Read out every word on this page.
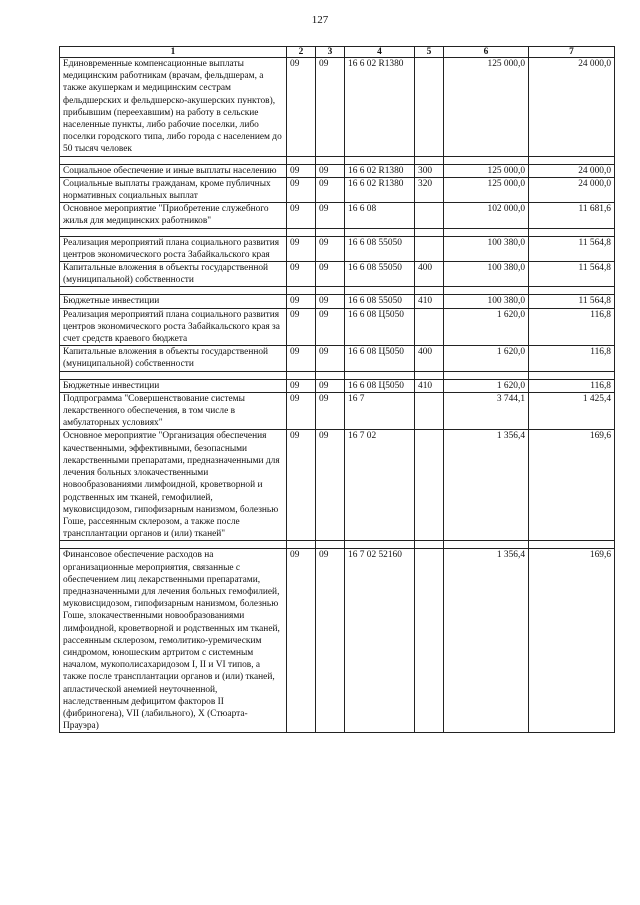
127
1	2	3	4	5	6	7
Единовременные компенсационные выплаты медицинским работникам (врачам, фельдшерам, а также акушеркам и медицинским сестрам фельдшерских и фельдшерско-акушерских пунктов), прибывшим (переехавшим) на работу в сельские населенные пункты, либо рабочие поселки, либо поселки городского типа, либо города с населением до 50 тысяч человек	09	09	16 6 02 R1380		125 000,0	24 000,0

Социальное обеспечение и иные выплаты населению	09	09	16 6 02 R1380	300	125 000,0	24 000,0
Социальные выплаты гражданам, кроме публичных нормативных социальных выплат	09	09	16 6 02 R1380	320	125 000,0	24 000,0
Основное мероприятие "Приобретение служебного жилья для медицинских работников"	09	09	16 6 08		102 000,0	11 681,6

Реализация мероприятий плана социального развития центров экономического роста Забайкальского края	09	09	16 6 08 55050		100 380,0	11 564,8
Капитальные вложения в объекты государственной (муниципальной) собственности	09	09	16 6 08 55050	400	100 380,0	11 564,8

Бюджетные инвестиции	09	09	16 6 08 55050	410	100 380,0	11 564,8
Реализация мероприятий плана социального развития центров экономического роста Забайкальского края за счет средств краевого бюджета	09	09	16 6 08 Ц5050		1 620,0	116,8
Капитальные вложения в объекты государственной (муниципальной) собственности	09	09	16 6 08 Ц5050	400	1 620,0	116,8

Бюджетные инвестиции	09	09	16 6 08 Ц5050	410	1 620,0	116,8
Подпрограмма "Совершенствование системы лекарственного обеспечения, в том числе в амбулаторных условиях"	09	09	16 7		3 744,1	1 425,4
Основное мероприятие "Организация обеспечения качественными, эффективными, безопасными лекарственными препаратами, предназначенными для лечения больных злокачественными новообразованиями лимфоидной, кроветворной и родственных им тканей, гемофилией, муковисцидозом, гипофизарным нанизмом, болезнью Гоше, рассеянным склерозом, а также после трансплантации органов и (или) тканей"	09	09	16 7 02		1 356,4	169,6

Финансовое обеспечение расходов на организационные мероприятия, связанные с обеспечением лиц лекарственными препаратами, предназначенными для лечения больных гемофилией, муковисцидозом, гипофизарным нанизмом, болезнью Гоше, злокачественными новообразованиями лимфоидной, кроветворной и родственных им тканей, рассеянным склерозом, гемолитико-уремическим синдромом, юношеским артритом с системным началом, мукополисахаридозом I, II и VI типов, а также после трансплантации органов и (или) тканей, апластической анемией неуточненной, наследственным дефицитом факторов II (фибриногена), VII (лабильного), X (Стюарта-Прауэра)	09	09	16 7 02 52160		1 356,4	169,6
